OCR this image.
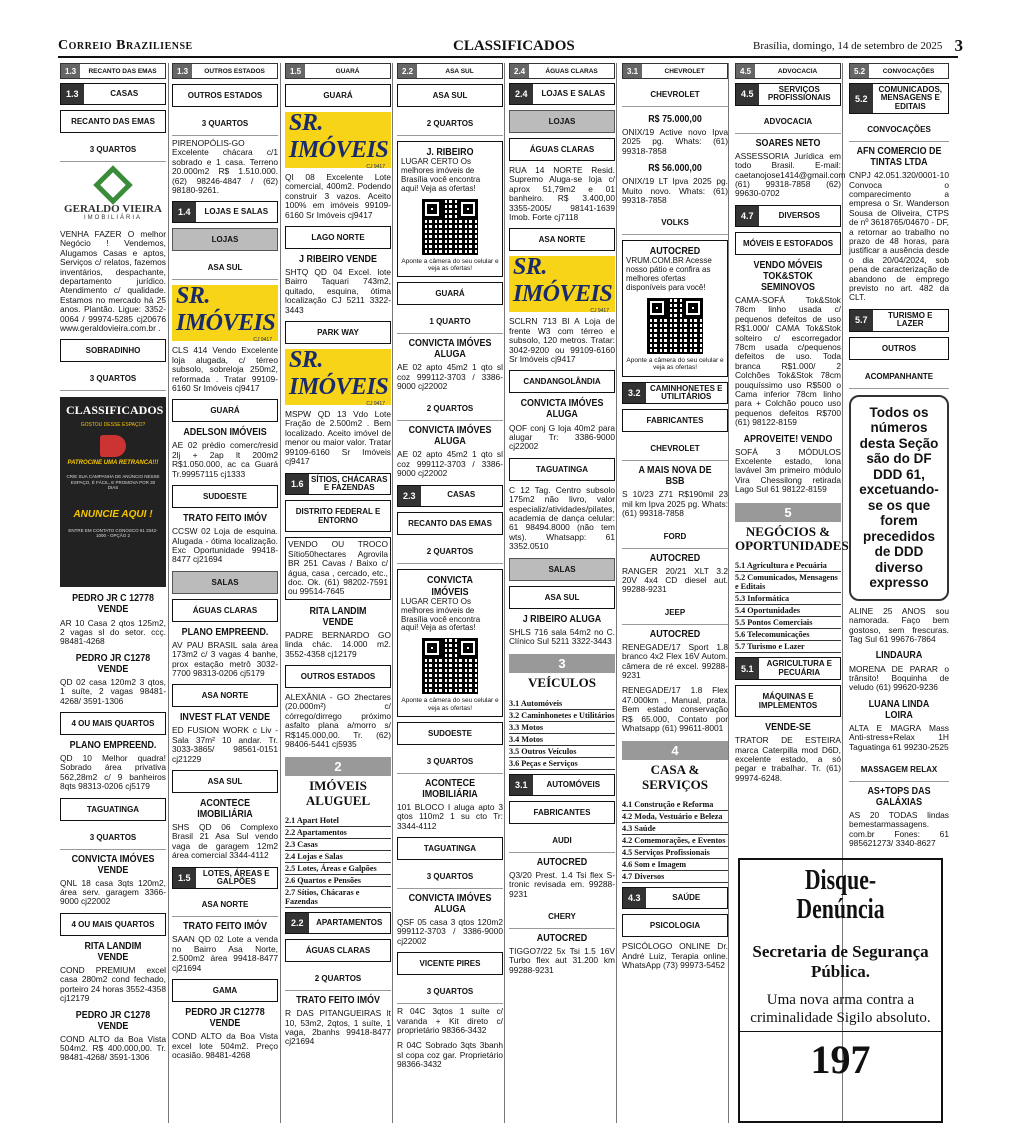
Correio Braziliense	CLASSIFICADOS	Brasília, domingo, 14 de setembro de 2025 3
1.3	RECANTO DAS EMAS
1.3	CASAS
RECANTO DAS EMAS
3 QUARTOS
GERALDO VIEIRA
IMOBILIÁRIA
VENHA FAZER O melhor Negócio ! Vendemos, Alugamos Casas e aptos, Serviços c/ relatos, fazemos inventários, despachante, departamento jurídico. Atendimento c/ qualidade. Estamos no mercado há 25 anos. Plantão. Ligue: 3352-0064 / 99974-5285 cj20676 www.geraldovieira.com.br .
SOBRADINHO
3 QUARTOS
CLASSIFICADOS
GOSTOU DESSE ESPAÇO?
PATROCINE UMA RETRANCA!!!
CRIE SUA CAMPANHA DE ANÚNCIO NESSE ESPAÇO, É FÁCIL, E PROMOVA POR 30 DIAS
ANUNCIE AQUI !
ENTRE EM CONTATO CONOSCO 61 3342-1000 - OPÇÃO 2
PEDRO JR C 12778 VENDE
AR 10 Casa 2 qtos 125m2, 2 vagas sl do setor. ccç. 98481-4268
PEDRO JR C1278 VENDE
QD 02 casa 120m2 3 qtos, 1 suíte, 2 vagas 98481-4268/ 3591-1306
4 OU MAIS QUARTOS
PLANO EMPREEND.
QD 10 Melhor quadra! Sobrado área privativa 562,28m2 c/ 9 banheiros 8qts 98313-0206 cj5179
TAGUATINGA
3 QUARTOS
CONVICTA IMÓVES VENDE
QNL 18 casa 3qts 120m2, área serv. garagem 3366-9000 cj22002
4 OU MAIS QUARTOS
RITA LANDIM VENDE
COND PREMIUM excel casa 280m2 cond fechado, porteiro 24 horas 3552-4358 cj12179
PEDRO JR C1278 VENDE
COND ALTO da Boa Vista 504m2. R$ 400.000,00. Tr. 98481-4268/ 3591-1306
1.3	OUTROS ESTADOS
OUTROS ESTADOS
3 QUARTOS
PIRENOPÓLIS-GO Excelente chácara c/1 sobrado e 1 casa. Terreno 20.000m2 R$ 1.510.000. (62) 98246-4847 / (62) 98180-9261.
1.4	LOJAS E SALAS
LOJAS
ASA SUL
SR. IMÓVEIS
CJ 9417
CLS 414 Vendo Excelente loja alugada, c/ térreo subsolo, sobreloja 250m2, reformada . Tratar 99109-6160 Sr Imóveis cj9417
GUARÁ
ADELSON IMÓVEIS
AE 02 prédio comerc/resid 2lj + 2ap lt 200m2 R$1.050.000, ac ca Guará Tr.99957115 cj1333
SUDOESTE
TRATO FEITO IMÓV
CCSW 02 Loja de esquina. Alugada - ótima localização. Exc Oportunidade 99418-8477 cj21694
SALAS
ÁGUAS CLARAS
PLANO EMPREEND.
AV PAU BRASIL sala área 173m2 c/ 3 vagas 4 banhe, prox estação metrô 3032-7700 98313-0206 cj5179
ASA NORTE
INVEST FLAT VENDE
ED FUSION WORK c Liv - Sala 37m² 10 andar. Tr. 3033-3865/ 98561-0151 cj21229
ASA SUL
ACONTECE IMOBILIÁRIA
SHS QD 06 Complexo Brasil 21 Asa Sul vendo vaga de garagem 12m2 área comercial 3344-4112
1.5	LOTES, ÁREAS E GALPÕES
ASA NORTE
TRATO FEITO IMÓV
SAAN QD 02 Lote a venda no Bairro Asa Norte, 2.500m2 área 99418-8477 cj21694
GAMA
PEDRO JR C12778 VENDE
COND ALTO da Boa Vista excel lote 504m2. Preço ocasião. 98481-4268
1.5	GUARÁ
GUARÁ
SR. IMÓVEIS
CJ 9417
QI 08 Excelente Lote comercial, 400m2. Podendo construir 3 vazos. Aceito 100% em imóveis 99109-6160 Sr Imóveis cj9417
LAGO NORTE
J RIBEIRO VENDE
SHTQ QD 04 Excel. lote Bairro Taquari 743m2, quitado, esquina, ótima localização CJ 5211 3322-3443
PARK WAY
SR. IMÓVEIS
CJ 9417
MSPW QD 13 Vdo Lote Fração de 2.500m2 . Bem localizado. Aceito imóvel de menor ou maior valor. Tratar 99109-6160 Sr Imóveis cj9417
1.6 SÍTIOS, CHÁCARAS E FAZENDAS
DISTRITO FEDERAL E ENTORNO
VENDO OU TROCO Sítio50hectares Agrovila BR 251 Cavas / Baixo c/água, casa , cercado, etc., doc. Ok. (61) 98202-7591 ou 99514-7645
RITA LANDIM VENDE
PADRE BERNARDO GO linda chác. 14.000 m2. 3552-4358 cj12179
OUTROS ESTADOS
ALEXÂNIA - GO 2hectares (20.000m²) c/ córrego/dirrego próximo asfalto plana a/morro s/ R$145.000,00. Tr. (62) 98406-5441 cj5935
2
IMÓVEIS ALUGUEL
2.1 Apart Hotel
2.2 Apartamentos
2.3 Casas
2.4 Lojas e Salas
2.5 Lotes, Áreas e Galpões
2.6 Quartos e Pensões
2.7 Sítios, Chácaras e Fazendas
2.2	APARTAMENTOS
ÁGUAS CLARAS
2 QUARTOS
TRATO FEITO IMÓV
R DAS PITANGUEIRAS lt 10, 53m2, 2qtos, 1 suíte, 1 vaga, 2banhs 99418-8477 cj21694
2.2	ASA SUL
ASA SUL
2 QUARTOS
J. RIBEIRO
LUGAR CERTO Os melhores imóveis de Brasília você encontra aqui! Veja as ofertas!
Aponte a câmera do seu celular e veja as ofertas!
GUARÁ
1 QUARTO
CONVICTA IMÓVES ALUGA
AE 02 apto 45m2 1 qto sl coz 999112-3703 / 3386-9000 cj22002
2 QUARTOS
CONVICTA IMÓVES ALUGA
AE 02 apto 45m2 1 qto sl coz 999112-3703 / 3386-9000 cj22002
2.3	CASAS
RECANTO DAS EMAS
2 QUARTOS
CONVICTA IMÓVEIS
LUGAR CERTO Os melhores imóveis de Brasília você encontra aqui! Veja as ofertas!
Aponte a câmera do seu celular e veja as ofertas!
SUDOESTE
3 QUARTOS
ACONTECE IMOBILIÁRIA
101 BLOCO I aluga apto 3 qtos 110m2 1 su cto Tr: 3344-4112
TAGUATINGA
3 QUARTOS
CONVICTA IMÓVES ALUGA
QSF 05 casa 3 qtos 120m2 999112-3703 / 3386-9000 cj22002
VICENTE PIRES
3 QUARTOS
R 04C 3qtos 1 suíte c/ varanda + Kit direto c/ proprietário 98366-3432
R 04C Sobrado 3qts 3banh sl copa coz gar. Proprietário 98366-3432
2.4	ÁGUAS CLARAS
2.4	LOJAS E SALAS
LOJAS
ÁGUAS CLARAS
RUA 14 NORTE Resid. Supremo Aluga-se loja c/ aprox 51,79m2 e 01 banheiro. R$ 3.400,00 3355-2005/ 98141-1639 Imob. Forte cj7118
ASA NORTE
SR. IMÓVEIS
CJ 9417
SCLRN 713 Bl A Loja de frente W3 com térreo e subsolo, 120 metros. Tratar: 3042-9200 ou 99109-6160 Sr Imóveis cj9417
CANDANGOLÂNDIA
CONVICTA IMÓVES ALUGA
QOF conj G loja 40m2 para alugar Tr: 3386-9000 cj22002
TAGUATINGA
C 12 Tag. Centro subsolo 175m2 não livro, valor especializ/atividades/pilates, academia de dança celular: 61 98494.8000 (não tem wts). Whatsapp: 61 3352.0510
SALAS
ASA SUL
J RIBEIRO ALUGA
SHLS 716 sala 54m2 no C. Clínico Sul 5211 3322-3443
3
VEÍCULOS
3.1 Automóveis
3.2 Caminhonetes e Utilitários
3.3 Motos
3.4 Motos
3.5 Outros Veículos
3.6 Peças e Serviços
3.1	AUTOMÓVEIS
FABRICANTES
AUDI
AUTOCRED
Q3/20 Prest. 1.4 Tsi flex S-tronic revisada em. 99288-9231
CHERY
AUTOCRED
TIGGO7/22 5x Tsi 1.5 16V Turbo flex aut 31.200 km 99288-9231
3.1	CHEVROLET
CHEVROLET
R$ 75.000,00
ONIX/19 Active novo Ipva 2025 pg. Whats: (61) 99318-7858
R$ 56.000,00
ONIX/19 LT Ipva 2025 pg. Muito novo. Whats: (61) 99318-7858
VOLKS
AUTOCRED
VRUM.COM.BR Acesse nosso pátio e confira as melhores ofertas disponíveis para você!
Aponte a câmera do seu celular e veja as ofertas!
3.2	CAMINHONETES E UTILITÁRIOS
FABRICANTES
CHEVROLET
A MAIS NOVA DE BSB
S 10/23 Z71 R$190mil 23 mil km Ipva 2025 pg. Whats: (61) 99318-7858
FORD
AUTOCRED
RANGER 20/21 XLT 3.2 20V 4x4 CD diesel aut. 99288-9231
JEEP
AUTOCRED
RENEGADE/17 Sport 1.8 branco 4x2 Flex 16V Autom. câmera de ré excel. 99288-9231
RENEGADE/17 1.8 Flex 47.000km , Manual, prata. Bem estado conservação R$ 65.000, Contato por Whatsapp (61) 99611-8001
4
CASA & SERVIÇOS
4.1 Construção e Reforma
4.2 Moda, Vestuário e Beleza
4.3 Saúde
4.2 Comemorações, e Eventos
4.5 Serviços Profissionais
4.6 Som e Imagem
4.7 Diversos
4.3	SAÚDE
PSICOLOGIA
PSICÓLOGO ONLINE Dr. André Luiz, Terapia online. WhatsApp (73) 99973-5452
4.5	ADVOCACIA
4.5	SERVIÇOS PROFISSIONAIS
ADVOCACIA
SOARES NETO
ASSESSORIA Jurídica em todo Brasil. E-mail: caetanojose1414@gmail.com (61) 99318-7858 (62) 99630-0702
4.7	DIVERSOS
MÓVEIS E ESTOFADOS
VENDO MÓVEIS TOK&STOK SEMINOVOS
CAMA-SOFÁ Tok&Stok 78cm linho usada c/ pequenos defeitos de uso R$1.000/ CAMA Tok&Stok solteiro c/ escorregador 78cm usada c/pequenos defeitos de uso. Toda branca R$1.000/ 2 Colchões Tok&Stok 78cm pouquíssimo uso R$500 o Cama inferior 78cm linho para + Colchão pouco uso pequenos defeitos R$700 (61) 98122-8159
APROVEITE! VENDO
SOFÁ 3 MÓDULOS Excelente estado, lona lavável 3m primeiro módulo Vira Chessilong retirada Lago Sul 61 98122-8159
5
NEGÓCIOS & OPORTUNIDADES
5.1 Agricultura e Pecuária
5.2 Comunicados, Mensagens e Editais
5.3 Informática
5.4 Oportunidades
5.5 Pontos Comerciais
5.6 Telecomunicações
5.7 Turismo e Lazer
5.1	AGRICULTURA E PECUÁRIA
MÁQUINAS E IMPLEMENTOS
VENDE-SE
TRATOR DE ESTEIRA marca Caterpilla mod D6D, excelente estado, a só pegar e trabalhar. Tr. (61) 99974-6248.
5.2	CONVOCAÇÕES
5.2
COMUNICADOS, MENSAGENS E EDITAIS
CONVOCAÇÕES
AFN COMERCIO DE TINTAS LTDA
CNPJ 42.051.320/0001-10 Convoca o comparecimento a empresa o Sr. Wanderson Sousa de Oliveira, CTPS de nº 3618765/04670 - DF, a retornar ao trabalho no prazo de 48 horas, para justificar a ausência desde o dia 20/04/2024, sob pena de caracterização de abandono de emprego previsto no art. 482 da CLT.
5.7	TURISMO E LAZER
OUTROS
ACOMPANHANTE
Todos os números desta Seção são do DF DDD 61, excetuando-se os que forem precedidos de DDD diverso expresso
ALINE 25 ANOS sou namorada. Faço bem gostoso, sem frescuras. Tag Sul 61 99676-7864
LINDAURA
MORENA DE PARAR o trânsito! Boquinha de veludo (61) 99620-9236
LUANA LINDA LOIRA
ALTA E MAGRA Mass Anti-stress+Relax 1H Taguatinga 61 99230-2525
MASSAGEM RELAX
AS+TOPS DAS GALÁXIAS
AS 20 TODAS lindas bemestarmassagens. com.br Fones: 61 985621273/ 3340-8627
Disque-Denúncia
Secretaria de Segurança Pública.
Uma nova arma contra a criminalidade Sigilo absoluto.
197
